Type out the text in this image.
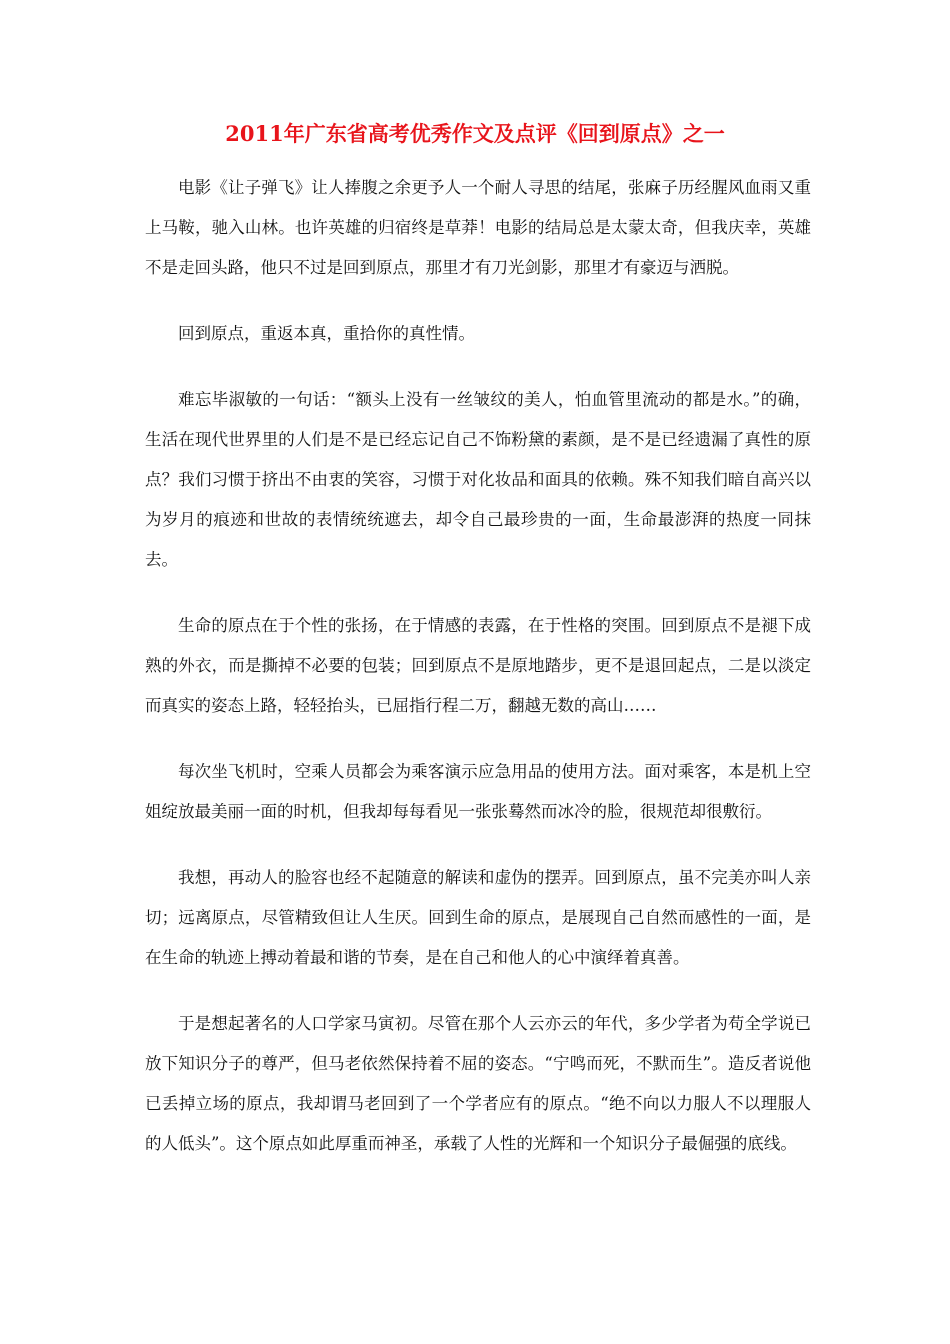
2011年广东省高考优秀作文及点评《回到原点》之一

电影《让子弹飞》让人捧腹之余更予人一个耐人寻思的结尾，张麻子历经腥风血雨又重上马鞍，驰入山林。也许英雄的归宿终是草莽！电影的结局总是太蒙太奇，但我庆幸，英雄不是走回头路，他只不过是回到原点，那里才有刀光剑影，那里才有豪迈与洒脱。

回到原点，重返本真，重拾你的真性情。

难忘毕淑敏的一句话：“额头上没有一丝皱纹的美人，怕血管里流动的都是水。”的确，生活在现代世界里的人们是不是已经忘记自己不饰粉黛的素颜，是不是已经遗漏了真性的原点？我们习惯于挤出不由衷的笑容，习惯于对化妆品和面具的依赖。殊不知我们暗自高兴以为岁月的痕迹和世故的表情统统遮去，却令自己最珍贵的一面，生命最澎湃的热度一同抹去。

生命的原点在于个性的张扬，在于情感的表露，在于性格的突围。回到原点不是褪下成熟的外衣，而是撕掉不必要的包装；回到原点不是原地踏步，更不是退回起点，二是以淡定而真实的姿态上路，轻轻抬头，已屈指行程二万，翻越无数的高山……

每次坐飞机时，空乘人员都会为乘客演示应急用品的使用方法。面对乘客，本是机上空姐绽放最美丽一面的时机，但我却每每看见一张张蓦然而冰冷的脸，很规范却很敷衍。

我想，再动人的脸容也经不起随意的解读和虚伪的摆弄。回到原点，虽不完美亦叫人亲切；远离原点，尽管精致但让人生厌。回到生命的原点，是展现自己自然而感性的一面，是在生命的轨迹上搏动着最和谐的节奏，是在自己和他人的心中演绎着真善。

于是想起著名的人口学家马寅初。尽管在那个人云亦云的年代，多少学者为苟全学说已放下知识分子的尊严，但马老依然保持着不屈的姿态。“宁鸣而死，不默而生”。造反者说他已丢掉立场的原点，我却谓马老回到了一个学者应有的原点。“绝不向以力服人不以理服人的人低头”。这个原点如此厚重而神圣，承载了人性的光辉和一个知识分子最倔强的底线。
